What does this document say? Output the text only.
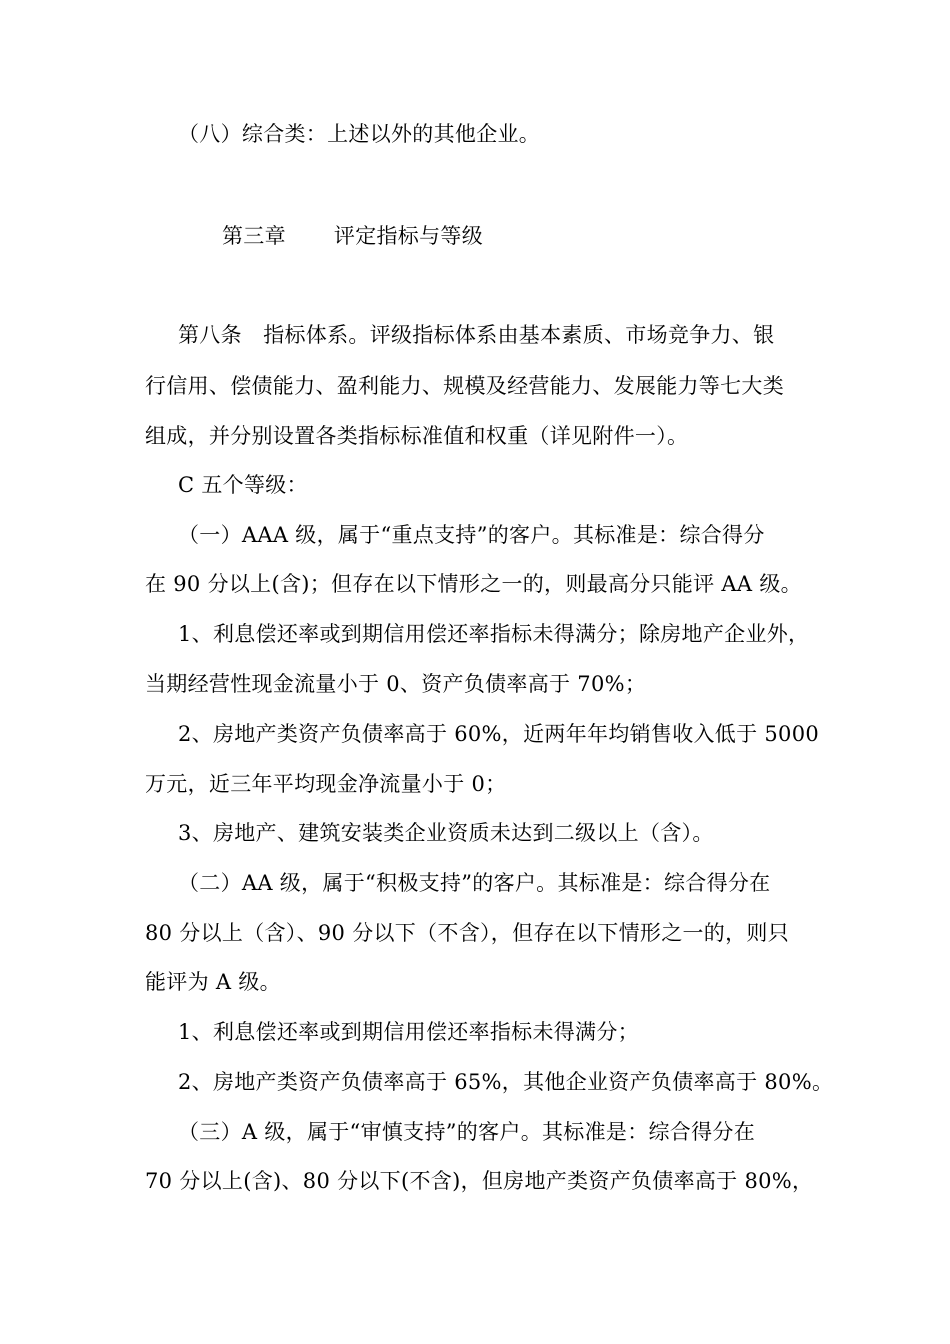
（八）综合类：上述以外的其他企业。
第三章 评定指标与等级
第八条　指标体系。评级指标体系由基本素质、市场竞争力、银
行信用、偿债能力、盈利能力、规模及经营能力、发展能力等七大类
组成，并分别设置各类指标标准值和权重（详见附件一）。
C 五个等级：
（一）AAA 级，属于“重点支持”的客户。其标准是：综合得分
在 90 分以上(含)；但存在以下情形之一的，则最高分只能评 AA 级。
1、利息偿还率或到期信用偿还率指标未得满分；除房地产企业外，
当期经营性现金流量小于 0、资产负债率高于 70%；
2、房地产类资产负债率高于 60%，近两年年均销售收入低于 5000
万元，近三年平均现金净流量小于 0；
3、房地产、建筑安装类企业资质未达到二级以上（含）。
（二）AA 级，属于“积极支持”的客户。其标准是：综合得分在
80 分以上（含）、90 分以下（不含），但存在以下情形之一的，则只
能评为 A 级。
1、利息偿还率或到期信用偿还率指标未得满分；
2、房地产类资产负债率高于 65%，其他企业资产负债率高于 80%。
（三）A 级，属于“审慎支持”的客户。其标准是：综合得分在
70 分以上(含)、80 分以下(不含)，但房地产类资产负债率高于 80%，
